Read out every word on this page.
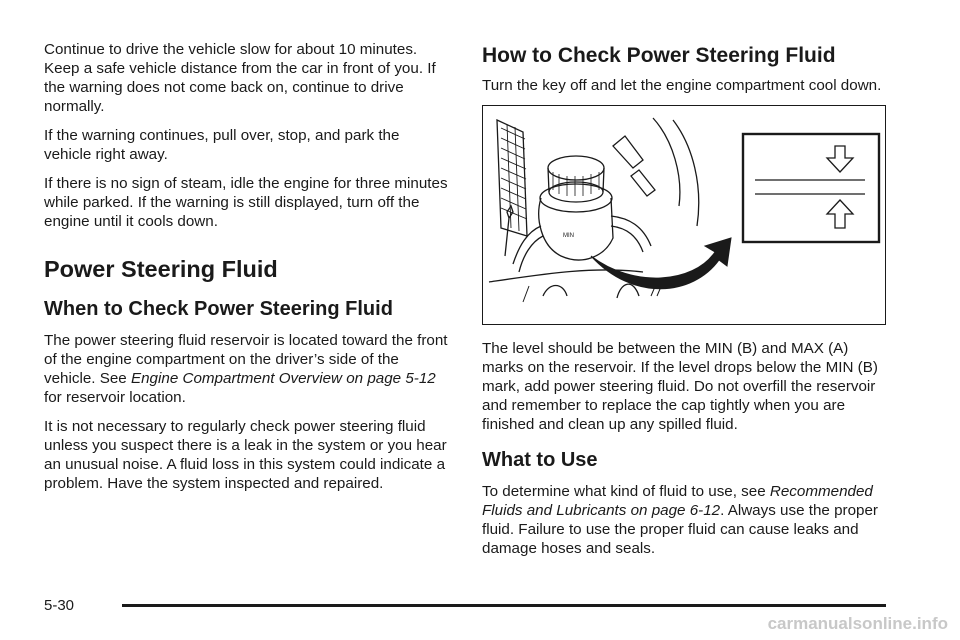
Continue to drive the vehicle slow for about 10 minutes. Keep a safe vehicle distance from the car in front of you. If the warning does not come back on, continue to drive normally.

If the warning continues, pull over, stop, and park the vehicle right away.

If there is no sign of steam, idle the engine for three minutes while parked. If the warning is still displayed, turn off the engine until it cools down.

Power Steering Fluid
When to Check Power Steering Fluid

The power steering fluid reservoir is located toward the front of the engine compartment on the driver’s side of the vehicle. See Engine Compartment Overview on page 5-12 for reservoir location.

It is not necessary to regularly check power steering fluid unless you suspect there is a leak in the system or you hear an unusual noise. A fluid loss in this system could indicate a problem. Have the system inspected and repaired.

How to Check Power Steering Fluid

Turn the key off and let the engine compartment cool down.

MIN

The level should be between the MIN (B) and MAX (A) marks on the reservoir. If the level drops below the MIN (B) mark, add power steering fluid. Do not overfill the reservoir and remember to replace the cap tightly when you are finished and clean up any spilled fluid.

What to Use

To determine what kind of fluid to use, see Recommended Fluids and Lubricants on page 6-12. Always use the proper fluid. Failure to use the proper fluid can cause leaks and damage hoses and seals.

5-30
carmanualsonline.info
